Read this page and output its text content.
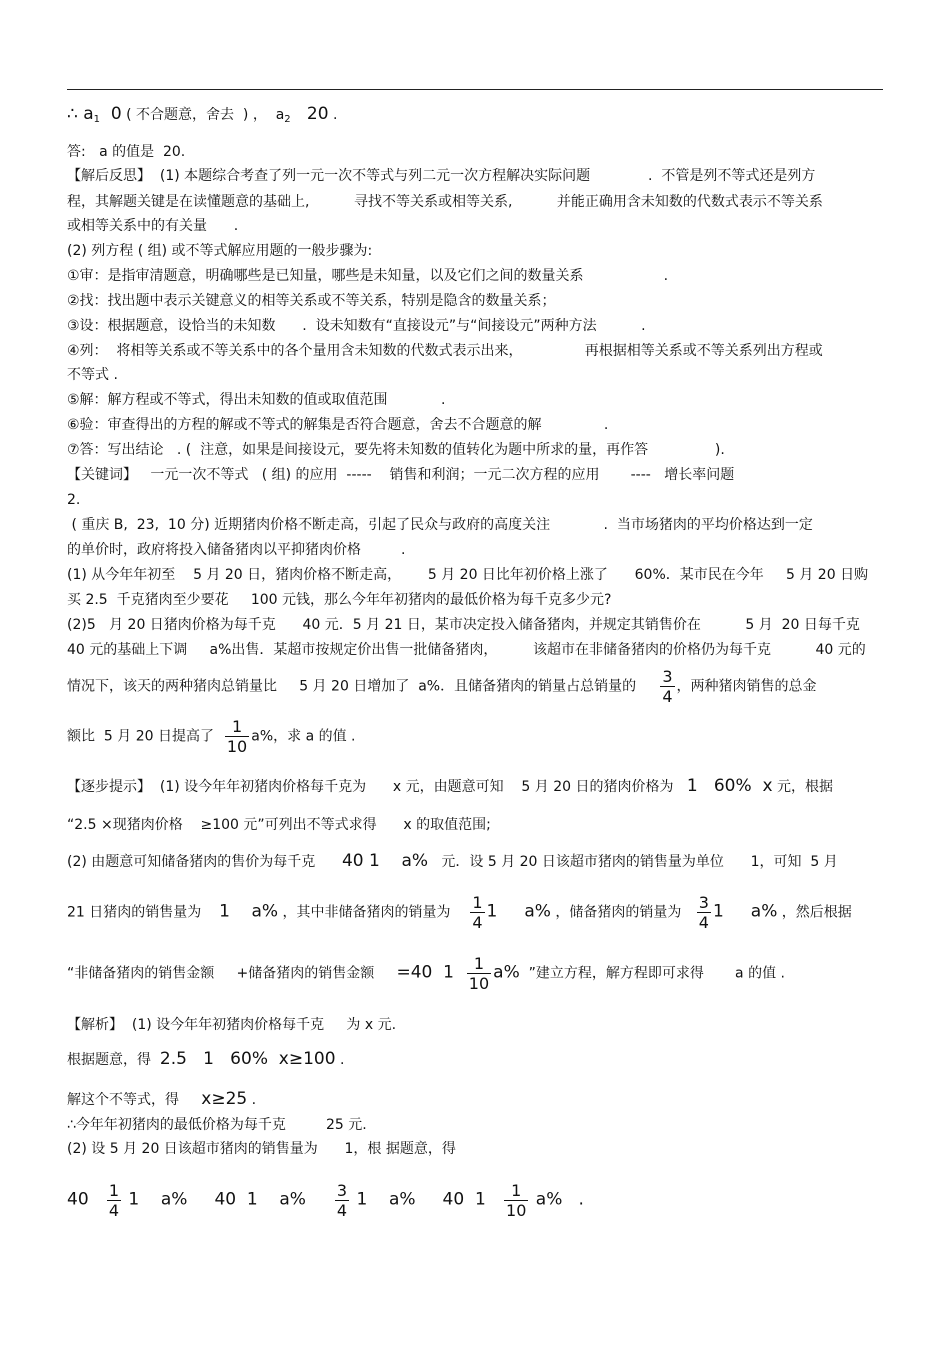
∴ $a_1$  0 ( 不合题意，舍去  ) ，  $a_2$   20 .
答:   a 的值是  20.
【解后反思】  (1) 本题综合考查了列一元一次不等式与列二元一次方程解决实际问题             .  不管是列不等式还是列方
程，其解题关键是在读懂题意的基础上,          寻找不等关系或相等关系,          并能正确用含未知数的代数式表示不等关系
或相等关系中的有关量      .
(2) 列方程 ( 组) 或不等式解应用题的一般步骤为:
①审：是指审清题意，明确哪些是已知量，哪些是未知量，以及它们之间的数量关系                  .
②找：找出题中表示关键意义的相等关系或不等关系，特别是隐含的数量关系；
③设：根据题意，设恰当的未知数      .  设未知数有“直接设元”与“间接设元”两种方法          .
④列：  将相等关系或不等关系中的各个量用含未知数的代数式表示出来，              再根据相等关系或不等关系列出方程或
不等式 .
⑤解：解方程或不等式，得出未知数的值或取值范围            .
⑥验：审查得出的方程的解或不等式的解集是否符合题意，舍去不合题意的解              .
⑦答：写出结论   . (  注意，如果是间接设元，要先将未知数的值转化为题中所求的量，再作答               ).
【关键词】   一元一次不等式   ( 组) 的应用  -----    销售和利润；一元二次方程的应用       ----   增长率问题
2.
( 重庆 B,  23,  10 分) 近期猪肉价格不断走高，引起了民众与政府的高度关注            .  当市场猪肉的平均价格达到一定
的单价时，政府将投入储备猪肉以平抑猪肉价格         .
(1) 从今年年初至    5 月 20 日，猪肉价格不断走高，      5 月 20 日比年初价格上涨了      60%．某市民在今年     5 月 20 日购
买 2.5  千克猪肉至少要花     100 元钱，那么今年年初猪肉的最低价格为每千克多少元?
(2)5   月 20 日猪肉价格为每千克      40 元．5 月 21 日，某市决定投入储备猪肉，并规定其销售价在          5 月  20 日每千克
40 元的基础上下调     a%出售．某超市按规定价出售一批储备猪肉，        该超市在非储备猪肉的价格仍为每千克          40 元的
情况下，该天的两种猪肉总销量比     5 月 20 日增加了  a%．且储备猪肉的销量占总销量的 $\frac{3}{4}$ ，两种猪肉销售的总金
额比  5 月 20 日提高了 $\frac{1}{10} a\%$，求 a 的值 .
【逐步提示】  (1) 设今年年初猪肉价格每千克为      x 元，由题意可知    5 月 20 日的猪肉价格为   1   60%  x 元，根据
“2.5 ×现猪肉价格    ≥100 元”可列出不等式求得      x 的取值范围;
(2) 由题意可知储备猪肉的售价为每千克      40 1    a%   元．设 5 月 20 日该超市猪肉的销售量为单位      1，可知  5 月
21 日猪肉的销售量为    1    a% ，其中非储备猪肉的销量为 $\frac{1}{4} 1$     a% ，储备猪肉的销量为 $\frac{3}{4} 1$     a% ，然后根据
“非储备猪肉的销售金额     +储备猪肉的销售金额     =40  $1 \frac{1}{10} a\%$  ”建立方程，解方程即可求得       a 的值 .
【解析】  (1) 设今年年初猪肉价格每千克     为 x 元.
根据题意，得  2.5   1   60%  x≥100 .
解这个不等式，得     x≥25 .
∴今年年初猪肉的最低价格为每千克         25 元.
(2) 设 5 月 20 日该超市猪肉的销售量为      1，根 据题意，得
$40 \frac{1}{4} 1$    a%     40  1    $a\% \frac{3}{4} 1$    a%     40  $1 \frac{1}{10} a\%$   .
